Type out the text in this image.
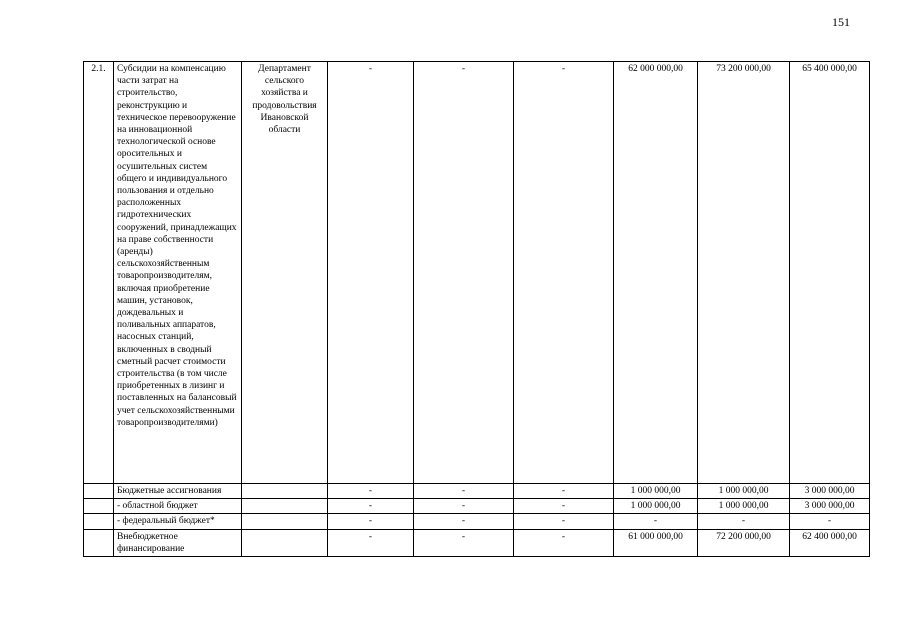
151
2.1.	Субсидии на компенсацию части затрат на строительство, реконструкцию и техническое перевооружение на инновационной технологической основе оросительных и осушительных систем общего и индивидуального пользования и отдельно расположенных гидротехнических сооружений, принадлежащих на праве собственности (аренды) сельскохозяйственным товаропроизводителям, включая приобретение машин, установок, дождевальных и поливальных аппаратов, насосных станций, включенных в сводный сметный расчет стоимости строительства (в том числе приобретенных в лизинг и поставленных на балансовый учет сельскохозяйственными товаропроизводителями)	Департамент сельского хозяйства и продовольствия Ивановской области	-	-	-	62 000 000,00	73 200 000,00	65 400 000,00
	Бюджетные ассигнования		-	-	-	1 000 000,00	1 000 000,00	3 000 000,00
	- областной бюджет		-	-	-	1 000 000,00	1 000 000,00	3 000 000,00
	- федеральный бюджет*		-	-	-	-	-	-
	Внебюджетное финансирование		-	-	-	61 000 000,00	72 200 000,00	62 400 000,00
